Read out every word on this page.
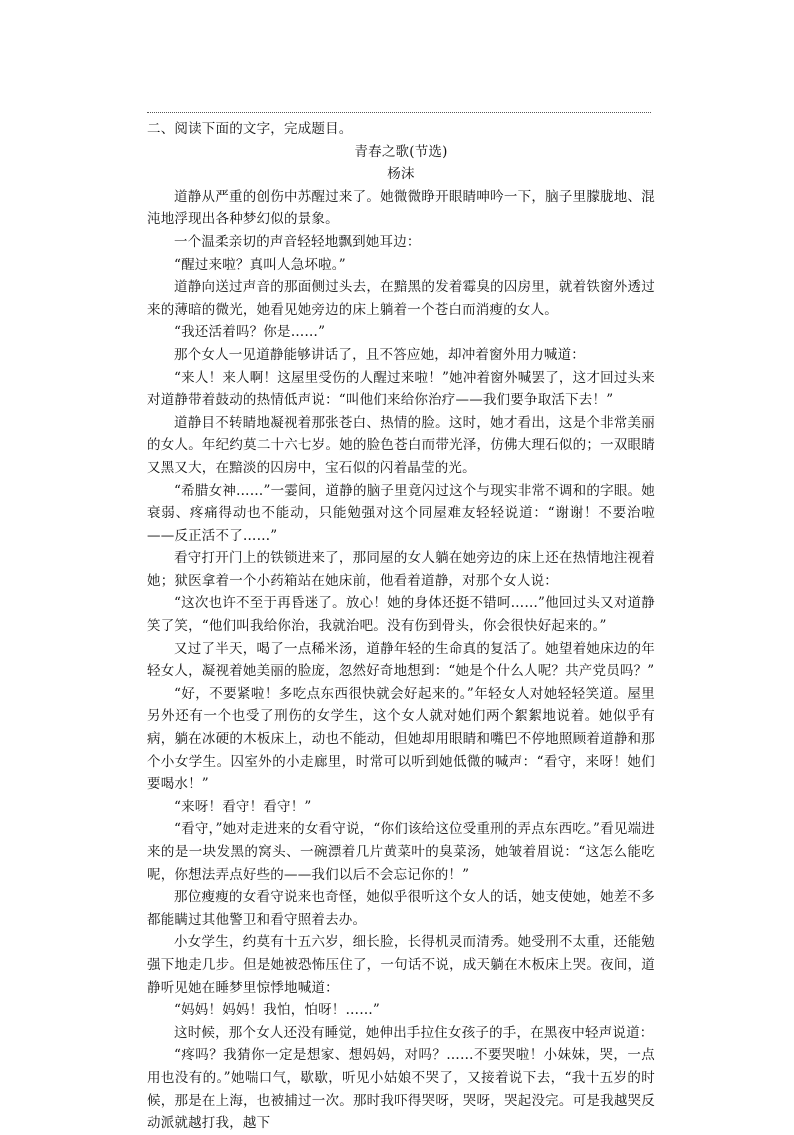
二、阅读下面的文字，完成题目。

青春之歌(节选)

杨沫

道静从严重的创伤中苏醒过来了。她微微睁开眼睛呻吟一下，脑子里朦胧地、混沌地浮现出各种梦幻似的景象。

一个温柔亲切的声音轻轻地飘到她耳边：

“醒过来啦？真叫人急坏啦。”

道静向送过声音的那面侧过头去，在黯黑的发着霉臭的囚房里，就着铁窗外透过来的薄暗的微光，她看见她旁边的床上躺着一个苍白而消瘦的女人。

“我还活着吗？你是……”

那个女人一见道静能够讲话了，且不答应她，却冲着窗外用力喊道：

“来人！来人啊！这屋里受伤的人醒过来啦！”她冲着窗外喊罢了，这才回过头来对道静带着鼓动的热情低声说：“叫他们来给你治疗——我们要争取活下去！”

道静目不转睛地凝视着那张苍白、热情的脸。这时，她才看出，这是个非常美丽的女人。年纪约莫二十六七岁。她的脸色苍白而带光泽，仿佛大理石似的；一双眼睛又黑又大，在黯淡的囚房中，宝石似的闪着晶莹的光。

“希腊女神……”一霎间，道静的脑子里竟闪过这个与现实非常不调和的字眼。她衰弱、疼痛得动也不能动，只能勉强对这个同屋难友轻轻说道：“谢谢！不要治啦——反正活不了……”

看守打开门上的铁锁进来了，那同屋的女人躺在她旁边的床上还在热情地注视着她；狱医拿着一个小药箱站在她床前，他看着道静，对那个女人说：

“这次也许不至于再昏迷了。放心！她的身体还挺不错呵……”他回过头又对道静笑了笑，“他们叫我给你治，我就治吧。没有伤到骨头，你会很快好起来的。”

又过了半天，喝了一点稀米汤，道静年轻的生命真的复活了。她望着她床边的年轻女人，凝视着她美丽的脸庞，忽然好奇地想到：“她是个什么人呢？共产党员吗？”

“好，不要紧啦！多吃点东西很快就会好起来的。”年轻女人对她轻轻笑道。屋里另外还有一个也受了刑伤的女学生，这个女人就对她们两个絮絮地说着。她似乎有病，躺在冰硬的木板床上，动也不能动，但她却用眼睛和嘴巴不停地照顾着道静和那个小女学生。囚室外的小走廊里，时常可以听到她低微的喊声：“看守，来呀！她们要喝水！”

“来呀！看守！看守！”

“看守，”她对走进来的女看守说，“你们该给这位受重刑的弄点东西吃。”看见端进来的是一块发黑的窝头、一碗漂着几片黄菜叶的臭菜汤，她皱着眉说：“这怎么能吃呢，你想法弄点好些的——我们以后不会忘记你的！”

那位瘦瘦的女看守说来也奇怪，她似乎很听这个女人的话，她支使她，她差不多都能瞒过其他警卫和看守照着去办。

小女学生，约莫有十五六岁，细长脸，长得机灵而清秀。她受刑不太重，还能勉强下地走几步。但是她被恐怖压住了，一句话不说，成天躺在木板床上哭。夜间，道静听见她在睡梦里惊悸地喊道：

“妈妈！妈妈！我怕，怕呀！……”

这时候，那个女人还没有睡觉，她伸出手拉住女孩子的手，在黑夜中轻声说道：

“疼吗？我猜你一定是想家、想妈妈，对吗？……不要哭啦！小妹妹，哭，一点用也没有的。”她喘口气，歇歇，听见小姑娘不哭了，又接着说下去，“我十五岁的时候，那是在上海，也被捕过一次。那时我吓得哭呀，哭呀，哭起没完。可是我越哭反动派就越打我，越下
